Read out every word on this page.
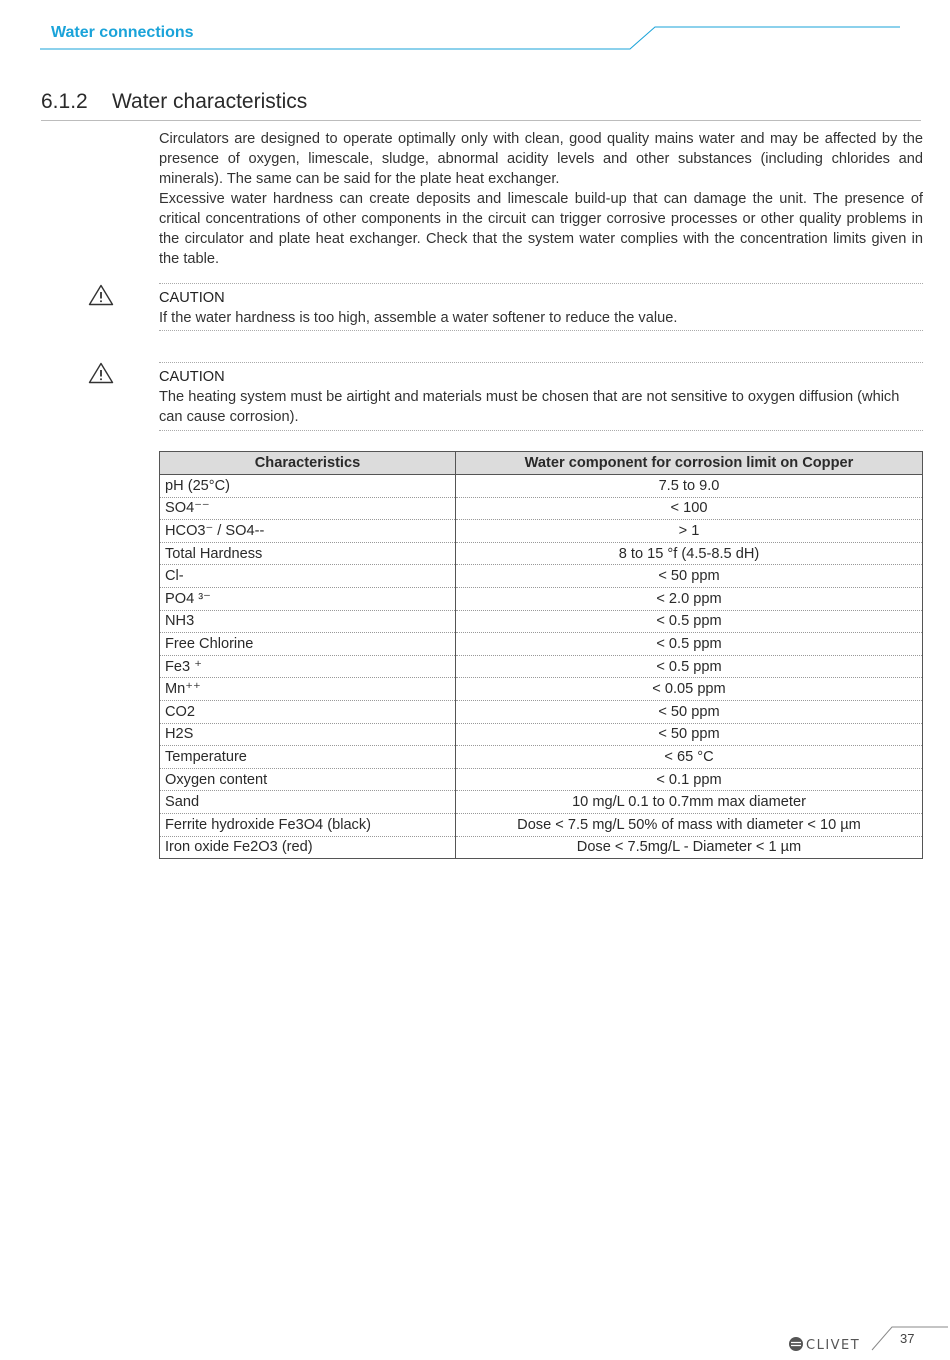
Water connections
6.1.2 Water characteristics

Circulators are designed to operate optimally only with clean, good quality mains water and may be affected by the presence of oxygen, limescale, sludge, abnormal acidity levels and other substances (including chlorides and minerals). The same can be said for the plate heat exchanger.

Excessive water hardness can create deposits and limescale build-up that can damage the unit. The presence of critical concentrations of other components in the circuit can trigger corrosive processes or other quality problems in the circulator and plate heat exchanger. Check that the system water complies with the concentration limits given in the table.

CAUTION
If the water hardness is too high, assemble a water softener to reduce the value.
CAUTION
The heating system must be airtight and materials must be chosen that are not sensitive to oxygen diffusion (which can cause corrosion).
Characteristics	Water component for corrosion limit on Copper
pH (25°C)	7.5 to 9.0
SO4⁻⁻	< 100
HCO3⁻ / SO4--	> 1
Total Hardness	8 to 15 °f (4.5-8.5 dH)
Cl-	< 50 ppm
PO4 ³⁻	< 2.0 ppm
NH3	< 0.5 ppm
Free Chlorine	< 0.5 ppm
Fe3 ⁺	< 0.5 ppm
Mn⁺⁺	< 0.05 ppm
CO2	< 50 ppm
H2S	< 50 ppm
Temperature	< 65 °C
Oxygen content	< 0.1 ppm
Sand	10 mg/L 0.1 to 0.7mm max diameter
Ferrite hydroxide Fe3O4 (black)	Dose < 7.5 mg/L 50% of mass with diameter < 10 µm
Iron oxide Fe2O3 (red)	Dose < 7.5mg/L - Diameter < 1 µm
CLIVET	37
